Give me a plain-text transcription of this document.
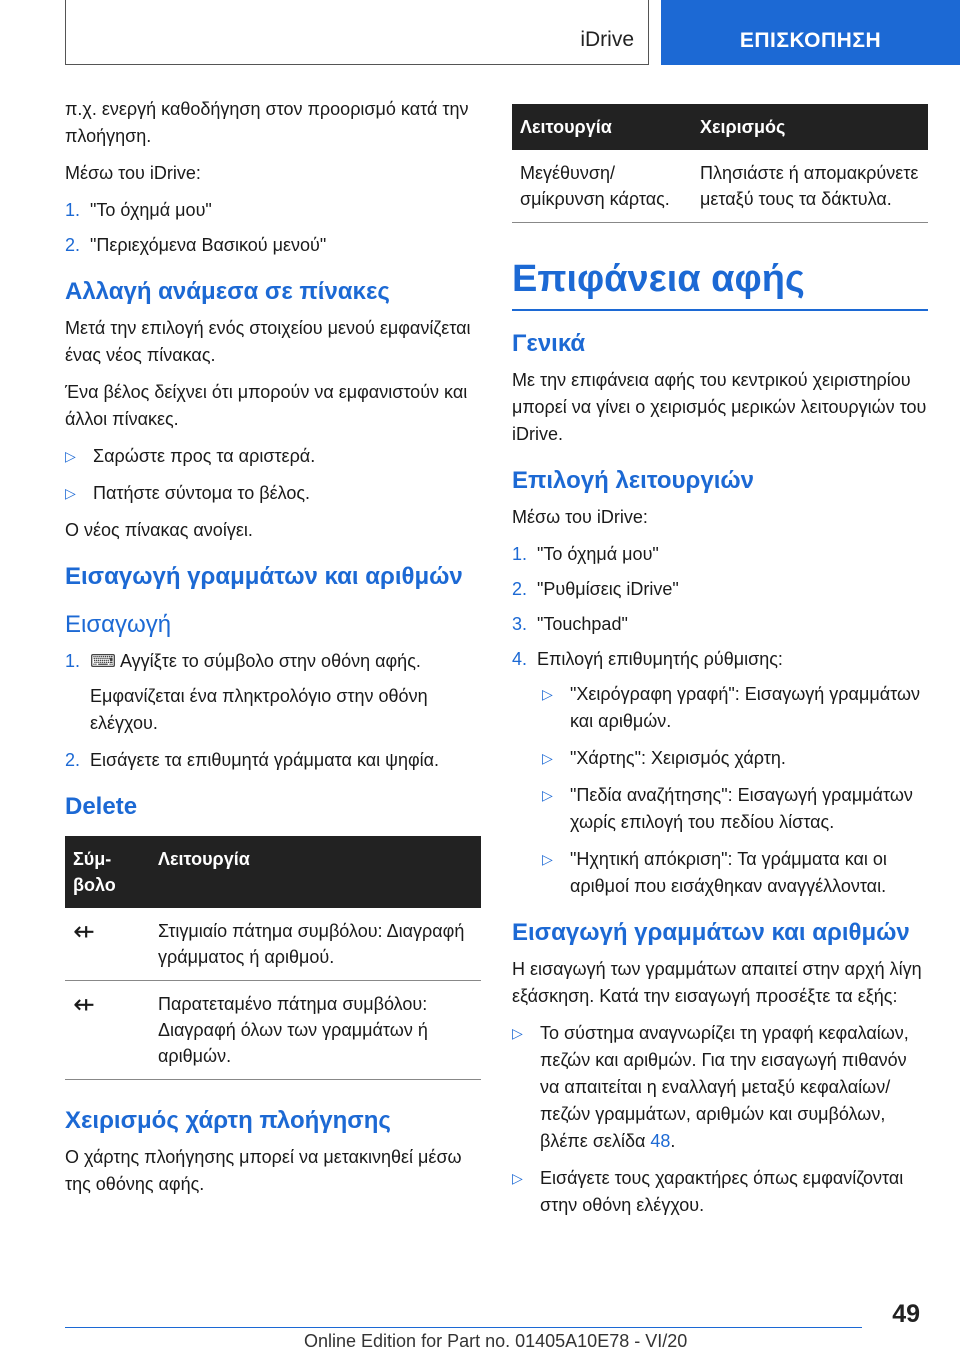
iDrive	ΕΠΙΣΚΟΠΗΣΗ

π.χ. ενεργή καθοδήγηση στον προορισμό κατά την πλοήγηση.

Μέσω του iDrive:

1. "Το όχημά μου"
2. "Περιεχόμενα Βασικού μενού"
Αλλαγή ανάμεσα σε πίνακες

Μετά την επιλογή ενός στοιχείου μενού εμφανίζεται ένας νέος πίνακας.

Ένα βέλος δείχνει ότι μπορούν να εμφανιστούν και άλλοι πίνακες.

▷ Σαρώστε προς τα αριστερά.
▷ Πατήστε σύντομα το βέλος.

Ο νέος πίνακας ανοίγει.

Εισαγωγή γραμμάτων και αριθμών
Εισαγωγή
1. ⌨︎ Αγγίξτε το σύμβολο στην οθόνη αφής.

Εμφανίζεται ένα πληκτρολόγιο στην οθόνη ελέγχου.

2. Εισάγετε τα επιθυμητά γράμματα και ψηφία.
Delete
Σύμβολο	Λειτουργία
⇷	Στιγμιαίο πάτημα συμβόλου: Διαγραφή γράμματος ή αριθμού.
⇷	Παρατεταμένο πάτημα συμβόλου: Διαγραφή όλων των γραμμάτων ή αριθμών.
Χειρισμός χάρτη πλοήγησης

Ο χάρτης πλοήγησης μπορεί να μετακινηθεί μέσω της οθόνης αφής.

Λειτουργία	Χειρισμός
Μεγέθυνση/ σμίκρυνση κάρτας.	Πλησιάστε ή απομακρύνετε μεταξύ τους τα δάκτυλα.
Επιφάνεια αφής
Γενικά

Με την επιφάνεια αφής του κεντρικού χειριστηρίου μπορεί να γίνει ο χειρισμός μερικών λειτουργιών του iDrive.

Επιλογή λειτουργιών

Μέσω του iDrive:

1. "Το όχημά μου"
2. "Ρυθμίσεις iDrive"
3. "Touchpad"
4. Επιλογή επιθυμητής ρύθμισης:
▷ "Χειρόγραφη γραφή": Εισαγωγή γραμμάτων και αριθμών.
▷ "Χάρτης": Χειρισμός χάρτη.
▷ "Πεδία αναζήτησης": Εισαγωγή γραμμάτων χωρίς επιλογή του πεδίου λίστας.
▷ "Ηχητική απόκριση": Τα γράμματα και οι αριθμοί που εισάχθηκαν αναγγέλλονται.
Εισαγωγή γραμμάτων και αριθμών

Η εισαγωγή των γραμμάτων απαιτεί στην αρχή λίγη εξάσκηση. Κατά την εισαγωγή προσέξτε τα εξής:

▷ Το σύστημα αναγνωρίζει τη γραφή κεφαλαίων, πεζών και αριθμών. Για την εισαγωγή πιθανόν να απαιτείται η εναλλαγή μεταξύ κεφαλαίων/πεζών γραμμάτων, αριθμών και συμβόλων, βλέπε σελίδα 48.
▷ Εισάγετε τους χαρακτήρες όπως εμφανίζονται στην οθόνη ελέγχου.
49
Online Edition for Part no. 01405A10E78 - VI/20
